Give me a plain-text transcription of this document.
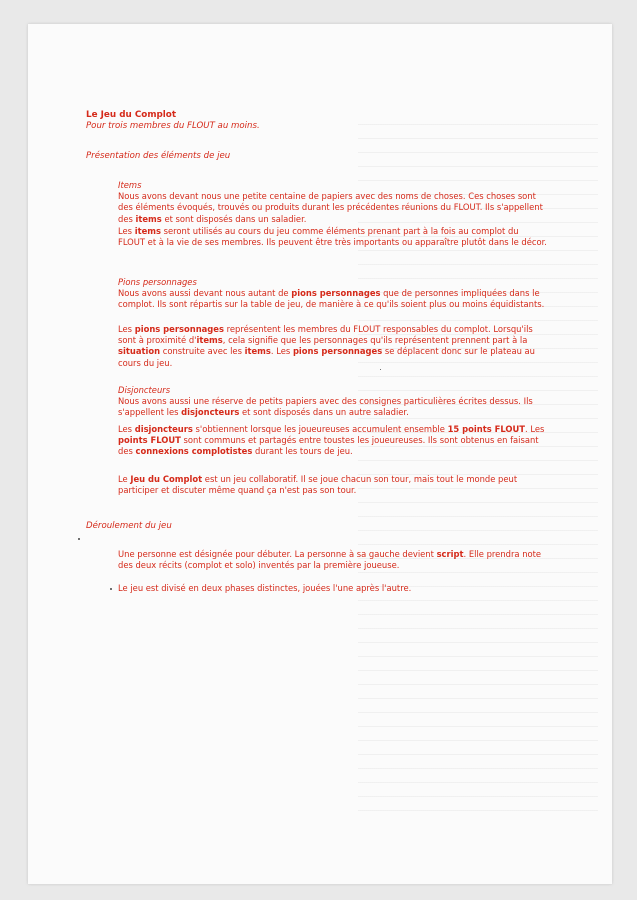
Le Jeu du Complot
Pour trois membres du FLOUT au moins.
Présentation des éléments de jeu

Items

Nous avons devant nous une petite centaine de papiers avec des noms de choses. Ces choses sont des éléments évoqués, trouvés ou produits durant les précédentes réunions du FLOUT. Ils s'appellent des items et sont disposés dans un saladier.

Les items seront utilisés au cours du jeu comme éléments prenant part à la fois au complot du FLOUT et à la vie de ses membres. Ils peuvent être très importants ou apparaître plutôt dans le décor.

Pions personnages

Nous avons aussi devant nous autant de pions personnages que de personnes impliquées dans le complot. Ils sont répartis sur la table de jeu, de manière à ce qu'ils soient plus ou moins équidistants.

Les pions personnages représentent les membres du FLOUT responsables du complot. Lorsqu'ils sont à proximité d'items, cela signifie que les personnages qu'ils représentent prennent part à la situation construite avec les items. Les pions personnages se déplacent donc sur le plateau au cours du jeu.

Disjoncteurs

Nous avons aussi une réserve de petits papiers avec des consignes particulières écrites dessus. Ils s'appellent les disjoncteurs et sont disposés dans un autre saladier.

Les disjoncteurs s'obtiennent lorsque les joueureuses accumulent ensemble 15 points FLOUT. Les points FLOUT sont communs et partagés entre toustes les joueureuses. Ils sont obtenus en faisant des connexions complotistes durant les tours de jeu.

Le Jeu du Complot est un jeu collaboratif. Il se joue chacun son tour, mais tout le monde peut participer et discuter même quand ça n'est pas son tour.

Déroulement du jeu

Une personne est désignée pour débuter. La personne à sa gauche devient script. Elle prendra note des deux récits (complot et solo) inventés par la première joueuse.

Le jeu est divisé en deux phases distinctes, jouées l'une après l'autre.
